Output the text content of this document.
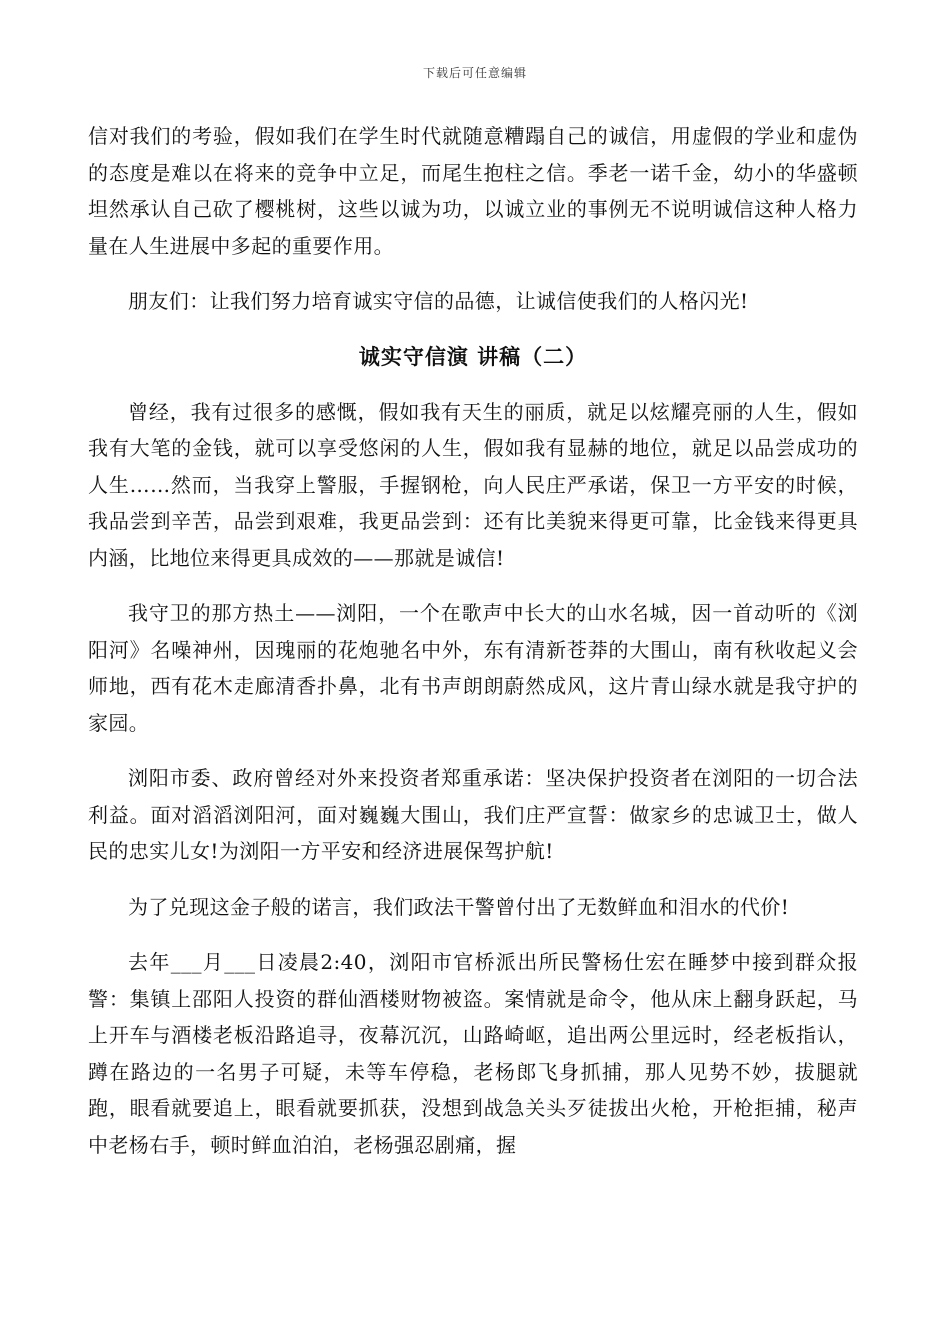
下载后可任意编辑

信对我们的考验，假如我们在学生时代就随意糟蹋自己的诚信，用虚假的学业和虚伪的态度是难以在将来的竞争中立足，而尾生抱柱之信。季老一诺千金，幼小的华盛顿坦然承认自己砍了樱桃树，这些以诚为功，以诚立业的事例无不说明诚信这种人格力量在人生进展中多起的重要作用。

朋友们：让我们努力培育诚实守信的品德，让诚信使我们的人格闪光!

诚实守信演 讲稿（二）

曾经，我有过很多的感慨，假如我有天生的丽质，就足以炫耀亮丽的人生，假如我有大笔的金钱，就可以享受悠闲的人生，假如我有显赫的地位，就足以品尝成功的人生……然而，当我穿上警服，手握钢枪，向人民庄严承诺，保卫一方平安的时候，我品尝到辛苦，品尝到艰难，我更品尝到：还有比美貌来得更可靠，比金钱来得更具内涵，比地位来得更具成效的——那就是诚信!

我守卫的那方热土——浏阳，一个在歌声中长大的山水名城，因一首动听的《浏阳河》名噪神州，因瑰丽的花炮驰名中外，东有清新苍莽的大围山，南有秋收起义会师地，西有花木走廊清香扑鼻，北有书声朗朗蔚然成风，这片青山绿水就是我守护的家园。

浏阳市委、政府曾经对外来投资者郑重承诺：坚决保护投资者在浏阳的一切合法利益。面对滔滔浏阳河，面对巍巍大围山，我们庄严宣誓：做家乡的忠诚卫士，做人民的忠实儿女!为浏阳一方平安和经济进展保驾护航!

为了兑现这金子般的诺言，我们政法干警曾付出了无数鲜血和泪水的代价!

去年___月___日凌晨2:40，浏阳市官桥派出所民警杨仕宏在睡梦中接到群众报警：集镇上邵阳人投资的群仙酒楼财物被盗。案情就是命令，他从床上翻身跃起，马上开车与酒楼老板沿路追寻，夜幕沉沉，山路崎岖，追出两公里远时，经老板指认，蹲在路边的一名男子可疑，未等车停稳，老杨郎飞身抓捕，那人见势不妙，拔腿就跑，眼看就要追上，眼看就要抓获，没想到战急关头歹徒拔出火枪，开枪拒捕，秘声中老杨右手，顿时鲜血泊泊，老杨强忍剧痛，握
